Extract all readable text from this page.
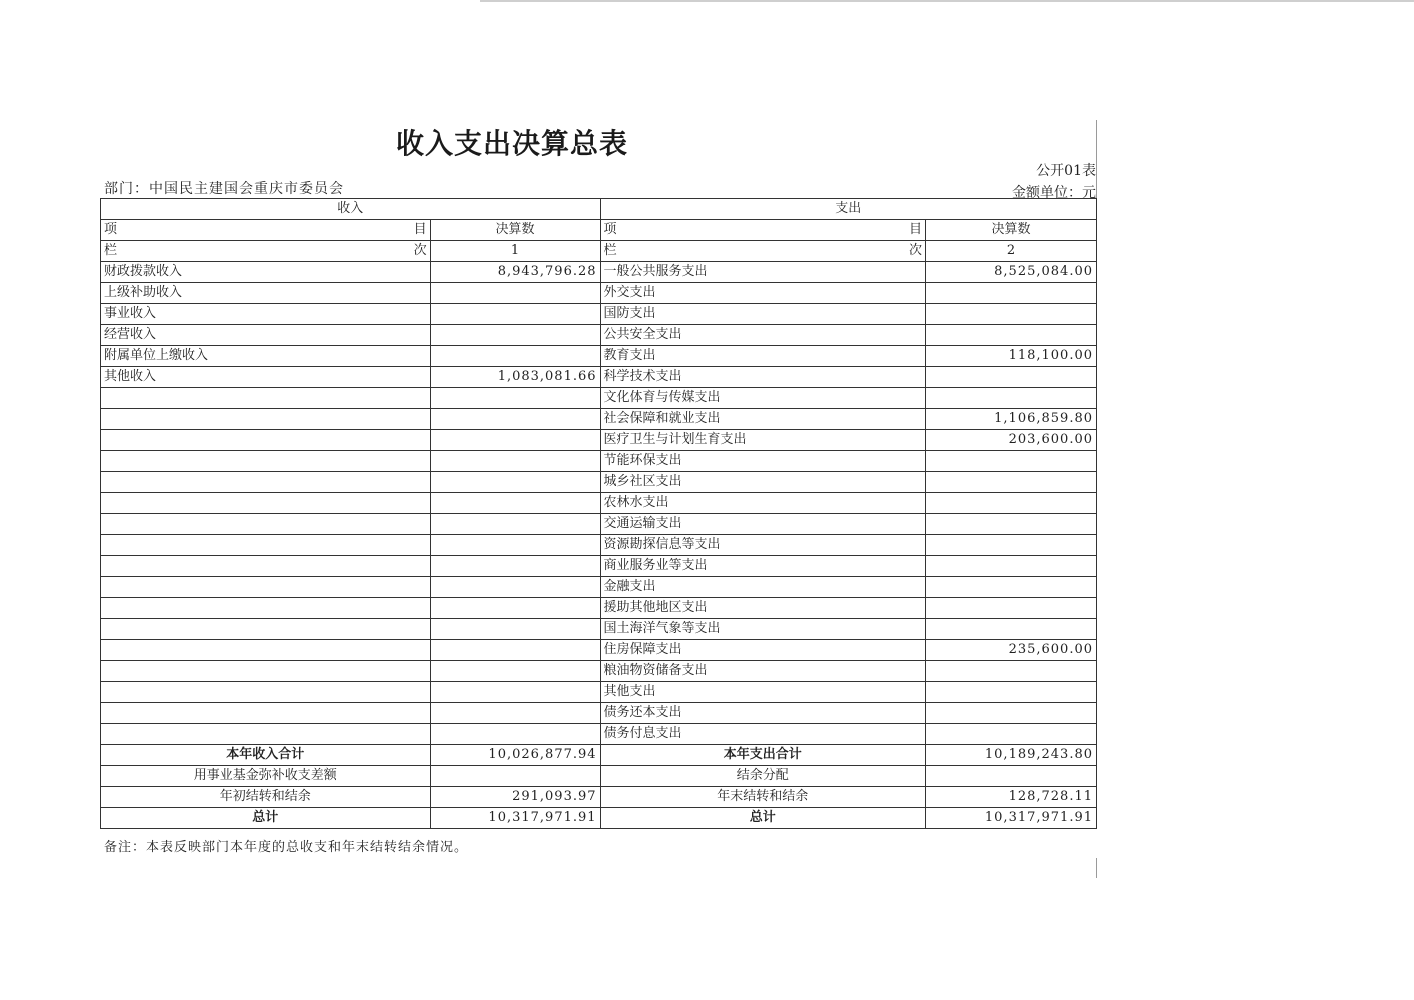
收入支出决算总表
公开01表
金额单位：元
部门：中国民主建国会重庆市委员会
收入		支出	

项 目	决算数	项 目	决算数

栏 次	1	栏 次	2
财政拨款收入	8,943,796.28	一般公共服务支出	8,525,084.00
上级补助收入		外交支出	
事业收入		国防支出	
经营收入		公共安全支出	
附属单位上缴收入		教育支出	118,100.00
其他收入	1,083,081.66	科学技术支出	
		文化体育与传媒支出	
		社会保障和就业支出	1,106,859.80
		医疗卫生与计划生育支出	203,600.00
		节能环保支出	
		城乡社区支出	
		农林水支出	
		交通运输支出	
		资源勘探信息等支出	
		商业服务业等支出	
		金融支出	
		援助其他地区支出	
		国土海洋气象等支出	
		住房保障支出	235,600.00
		粮油物资储备支出	
		其他支出	
		债务还本支出	
		债务付息支出	
本年收入合计	10,026,877.94	本年支出合计	10,189,243.80
用事业基金弥补收支差额		结余分配	
年初结转和结余	291,093.97	年末结转和结余	128,728.11
总计	10,317,971.91	总计	10,317,971.91
备注：本表反映部门本年度的总收支和年末结转结余情况。
